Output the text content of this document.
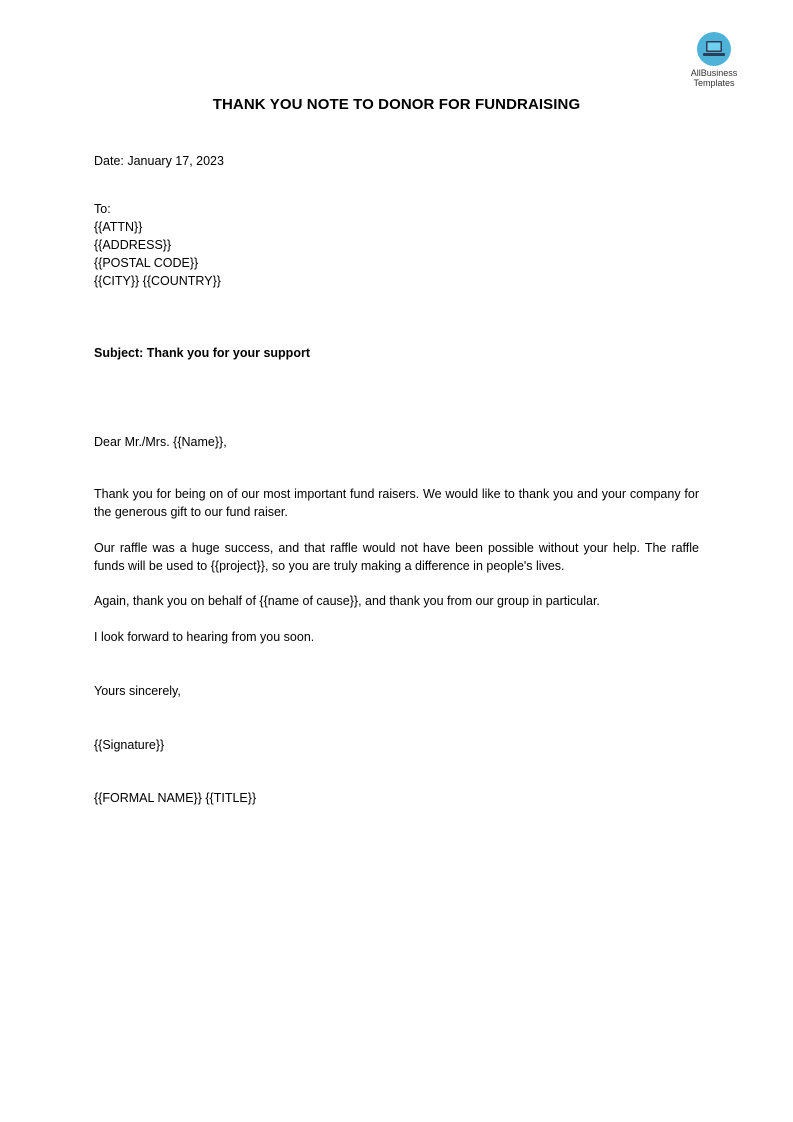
AllBusiness
Templates
THANK YOU NOTE TO DONOR FOR FUNDRAISING
Date: January 17, 2023
To:
{{ATTN}}
{{ADDRESS}}
{{POSTAL CODE}}
{{CITY}} {{COUNTRY}}
Subject: Thank you for your support
Dear Mr./Mrs. {{Name}},
Thank you for being on of our most important fund raisers. We would like to thank you and your company for the generous gift to our fund raiser.
Our raffle was a huge success, and that raffle would not have been possible without your help. The raffle funds will be used to {{project}}, so you are truly making a difference in people's lives.
Again, thank you on behalf of {{name of cause}}, and thank you from our group in particular.
I look forward to hearing from you soon.
Yours sincerely,
{{Signature}}
{{FORMAL NAME}} {{TITLE}}
